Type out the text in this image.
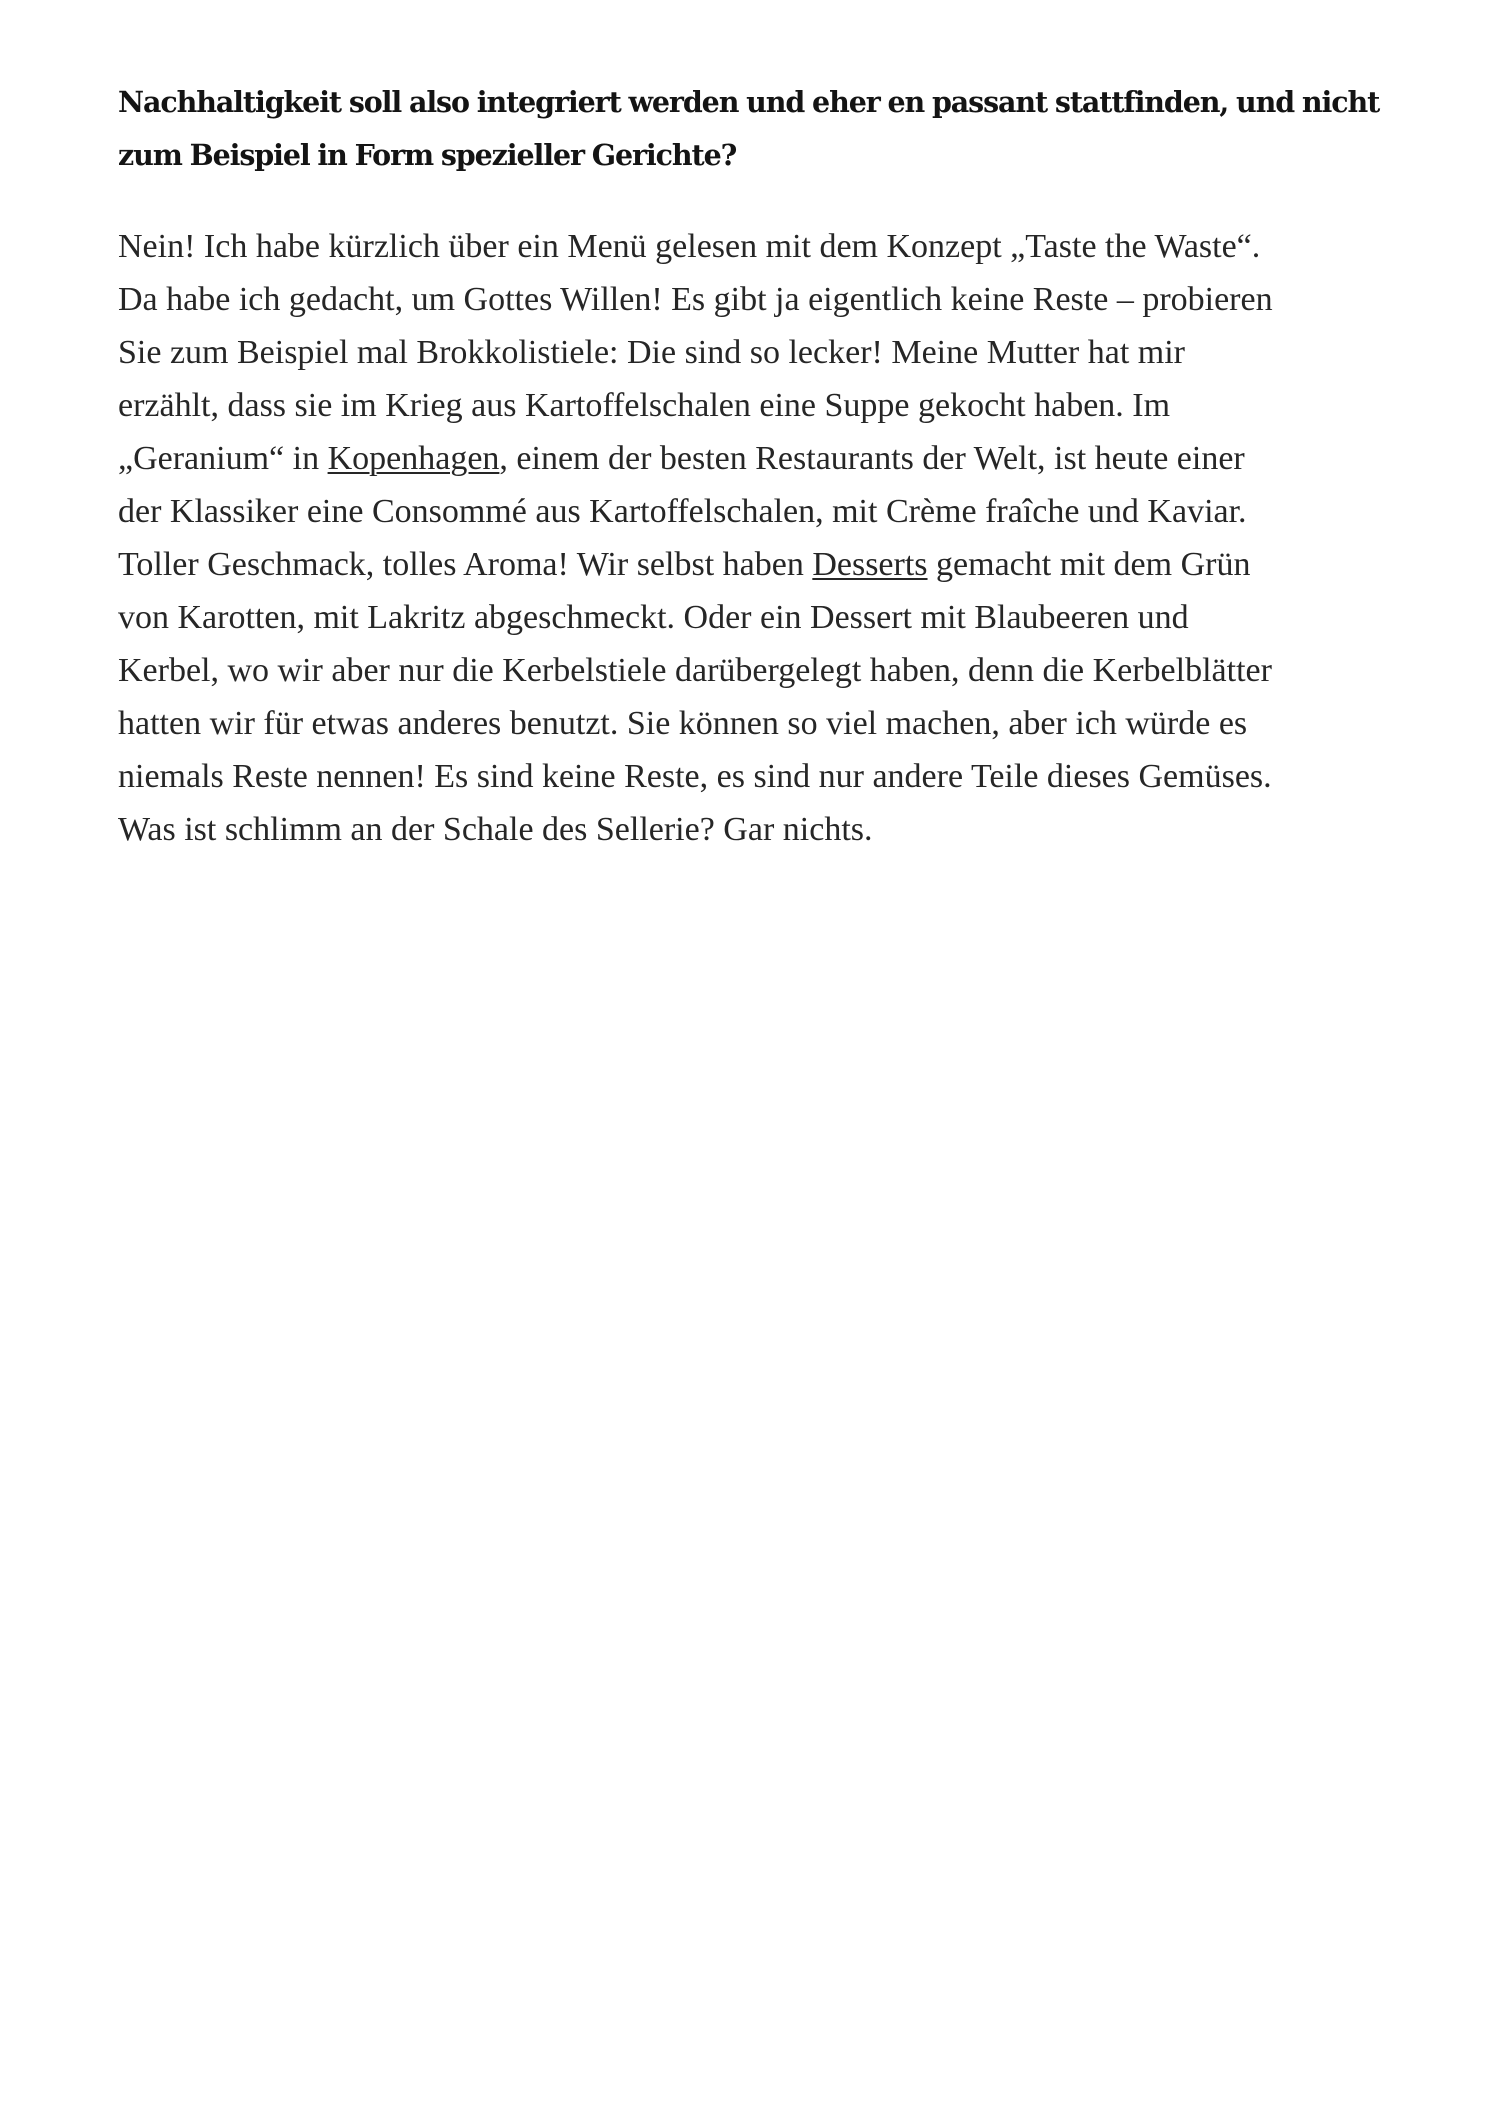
Nachhaltigkeit soll also integriert werden und eher en passant stattfinden, und nicht
zum Beispiel in Form spezieller Gerichte?

Nein! Ich habe kürzlich über ein Menü gelesen mit dem Konzept „Taste the Waste“.
Da habe ich gedacht, um Gottes Willen! Es gibt ja eigentlich keine Reste – probieren
Sie zum Beispiel mal Brokkolistiele: Die sind so lecker! Meine Mutter hat mir
erzählt, dass sie im Krieg aus Kartoffelschalen eine Suppe gekocht haben. Im
„Geranium“ in Kopenhagen, einem der besten Restaurants der Welt, ist heute einer
der Klassiker eine Consommé aus Kartoffelschalen, mit Crème fraîche und Kaviar.
Toller Geschmack, tolles Aroma! Wir selbst haben Desserts gemacht mit dem Grün
von Karotten, mit Lakritz abgeschmeckt. Oder ein Dessert mit Blaubeeren und
Kerbel, wo wir aber nur die Kerbelstiele darübergelegt haben, denn die Kerbelblätter
hatten wir für etwas anderes benutzt. Sie können so viel machen, aber ich würde es
niemals Reste nennen! Es sind keine Reste, es sind nur andere Teile dieses Gemüses.
Was ist schlimm an der Schale des Sellerie? Gar nichts.
